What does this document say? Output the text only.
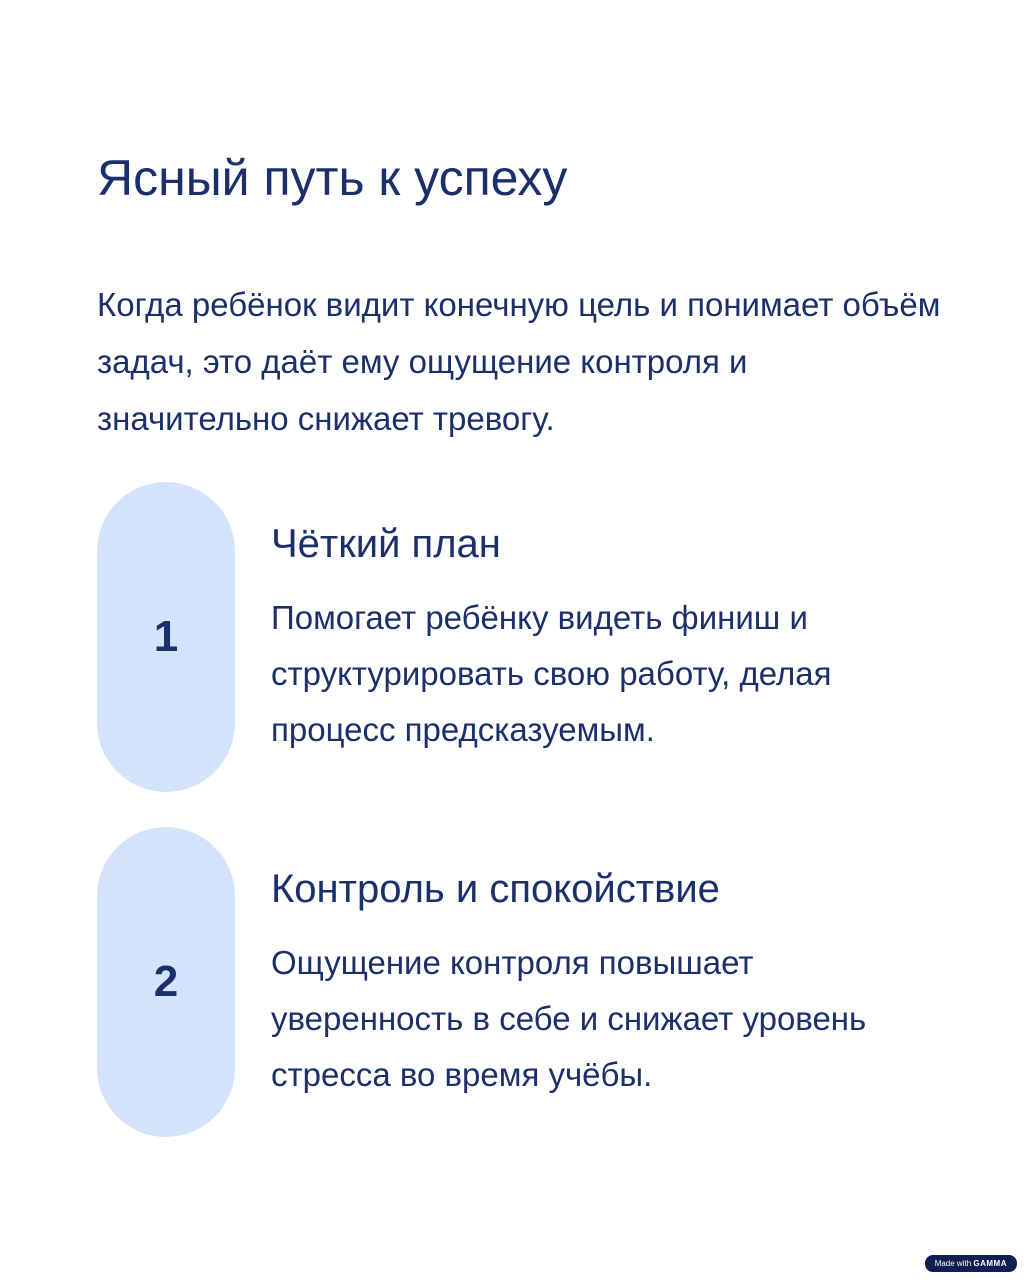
Ясный путь к успеху

Когда ребёнок видит конечную цель и понимает объём задач, это даёт ему ощущение контроля и значительно снижает тревогу.

1
Чёткий план

Помогает ребёнку видеть финиш и структурировать свою работу, делая процесс предсказуемым.

2
Контроль и спокойствие

Ощущение контроля повышает уверенность в себе и снижает уровень стресса во время учёбы.

Made with GAMMA
